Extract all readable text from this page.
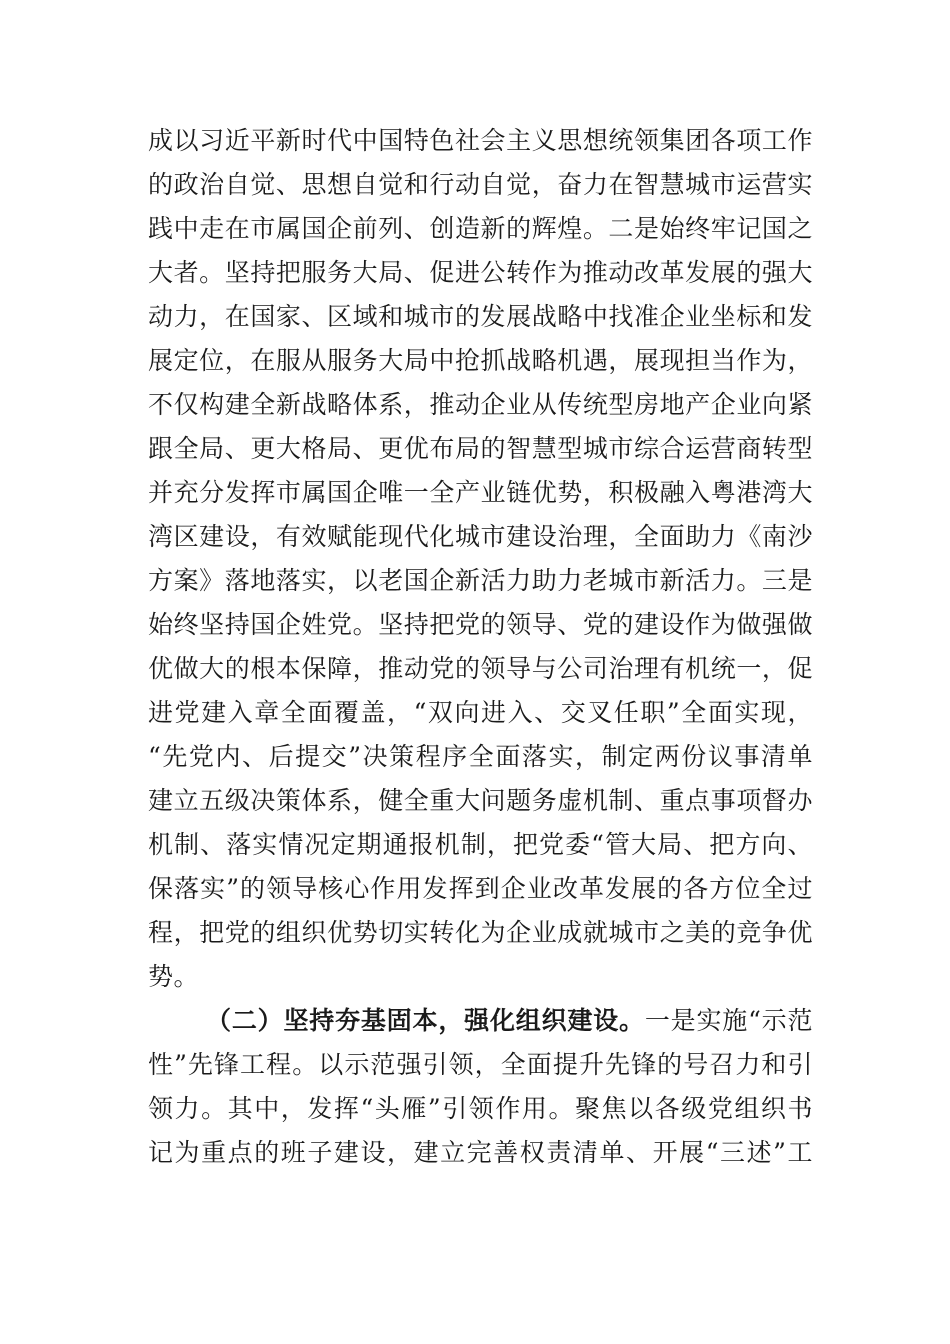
成以习近平新时代中国特色社会主义思想统领集团各项工作
的政治自觉、思想自觉和行动自觉，奋力在智慧城市运营实
践中走在市属国企前列、创造新的辉煌。二是始终牢记国之
大者。坚持把服务大局、促进公转作为推动改革发展的强大
动力，在国家、区域和城市的发展战略中找准企业坐标和发
展定位，在服从服务大局中抢抓战略机遇，展现担当作为，
不仅构建全新战略体系，推动企业从传统型房地产企业向紧
跟全局、更大格局、更优布局的智慧型城市综合运营商转型
并充分发挥市属国企唯一全产业链优势，积极融入粤港湾大
湾区建设，有效赋能现代化城市建设治理，全面助力《南沙
方案》落地落实，以老国企新活力助力老城市新活力。三是
始终坚持国企姓党。坚持把党的领导、党的建设作为做强做
优做大的根本保障，推动党的领导与公司治理有机统一，促
进党建入章全面覆盖，“双向进入、交叉任职”全面实现，
“先党内、后提交”决策程序全面落实，制定两份议事清单
建立五级决策体系，健全重大问题务虚机制、重点事项督办
机制、落实情况定期通报机制，把党委“管大局、把方向、
保落实”的领导核心作用发挥到企业改革发展的各方位全过
程，把党的组织优势切实转化为企业成就城市之美的竞争优
势。
（二）坚持夯基固本，强化组织建设。一是实施“示范
性”先锋工程。以示范强引领，全面提升先锋的号召力和引
领力。其中，发挥“头雁”引领作用。聚焦以各级党组织书
记为重点的班子建设，建立完善权责清单、开展“三述”工
